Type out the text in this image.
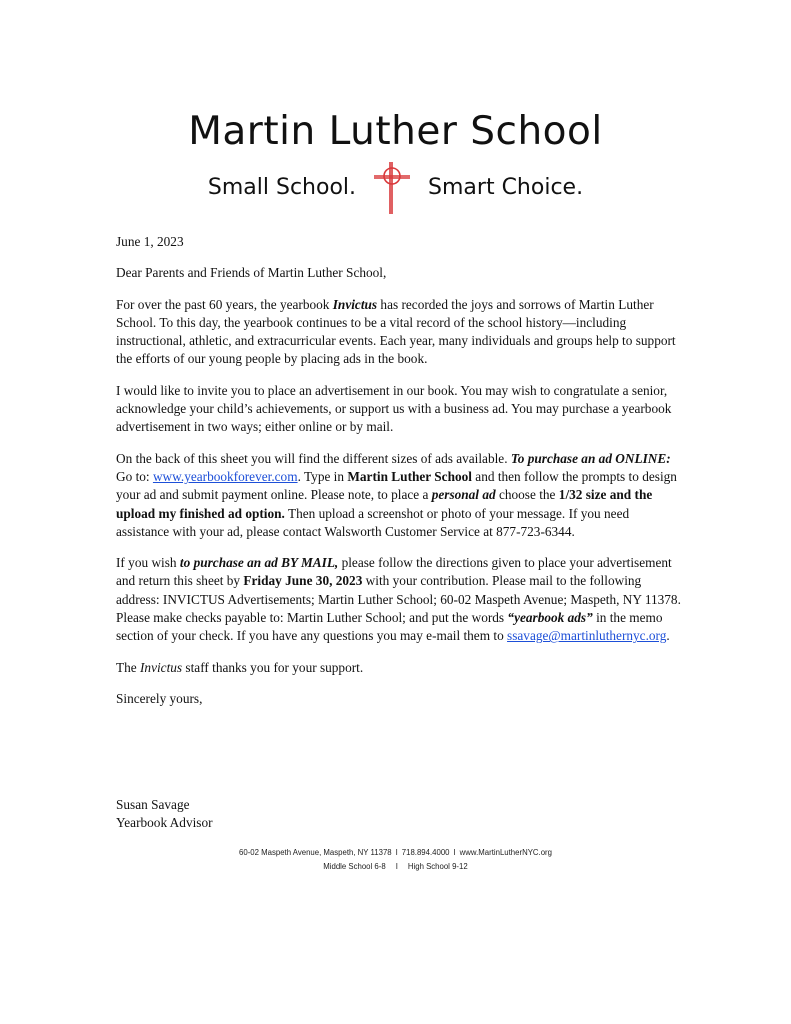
Martin Luther School
Small School.	Smart Choice.

June 1, 2023

Dear Parents and Friends of Martin Luther School,

For over the past 60 years, the yearbook Invictus has recorded the joys and sorrows of Martin Luther School. To this day, the yearbook continues to be a vital record of the school history—including instructional, athletic, and extracurricular events. Each year, many individuals and groups help to support the efforts of our young people by placing ads in the book.

I would like to invite you to place an advertisement in our book. You may wish to congratulate a senior, acknowledge your child’s achievements, or support us with a business ad. You may purchase a yearbook advertisement in two ways; either online or by mail.

On the back of this sheet you will find the different sizes of ads available. To purchase an ad ONLINE: Go to: www.yearbookforever.com. Type in Martin Luther School and then follow the prompts to design your ad and submit payment online. Please note, to place a personal ad choose the 1/32 size and the upload my finished ad option. Then upload a screenshot or photo of your message. If you need assistance with your ad, please contact Walsworth Customer Service at 877-723-6344.

If you wish to purchase an ad BY MAIL, please follow the directions given to place your advertisement and return this sheet by Friday June 30, 2023 with your contribution. Please mail to the following address: INVICTUS Advertisements; Martin Luther School; 60-02 Maspeth Avenue; Maspeth, NY 11378. Please make checks payable to: Martin Luther School; and put the words “yearbook ads” in the memo section of your check. If you have any questions you may e-mail them to ssavage@martinluthernyc.org.

The Invictus staff thanks you for your support.

Sincerely yours,

Susan Savage
Yearbook Advisor
60-02 Maspeth Avenue, Maspeth, NY 11378 I 718.894.4000 I www.MartinLutherNYC.org
Middle School 6-8 I High School 9-12
